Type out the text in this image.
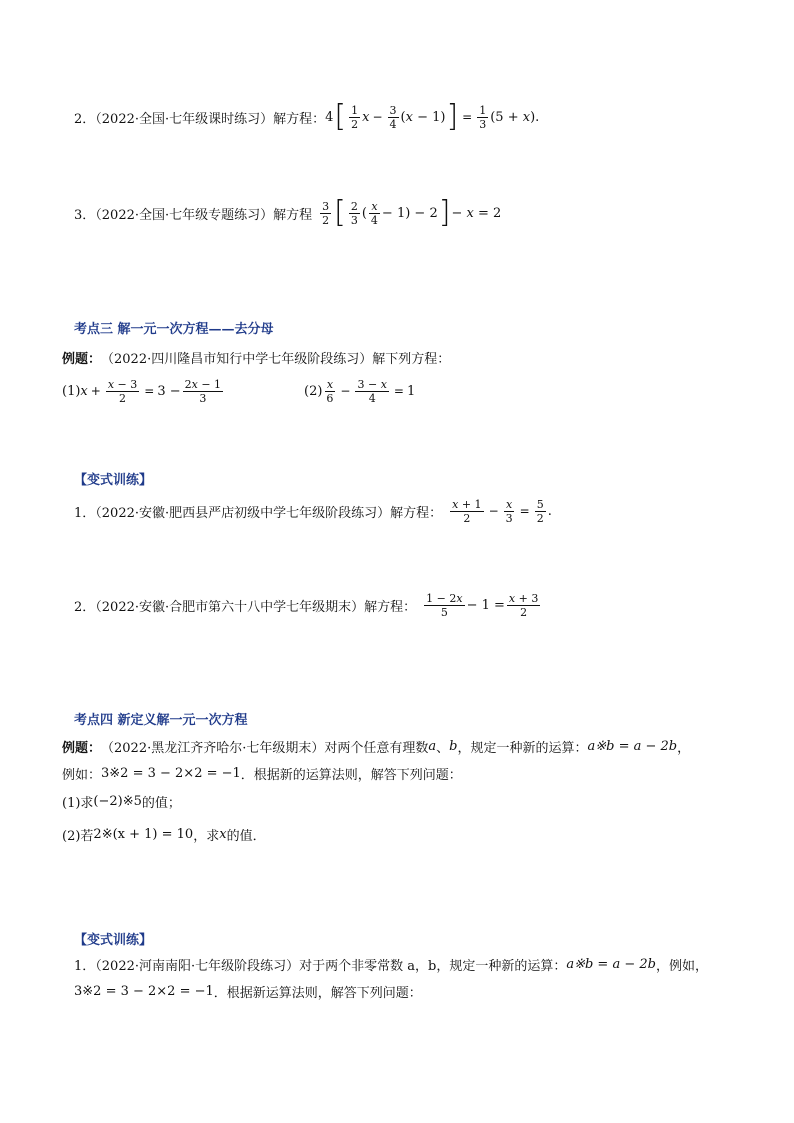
2．（2022·全国·七年级课时练习）解方程： 4 [ $\frac{1}{2}$ $x - \frac{3}{4} (x - 1)$ ] = $\frac{1}{3} (5 + x)$ .
3．（2022·全国·七年级专题练习）解方程 $\frac{3}{2}$ [ $\frac{2}{3}$ ( $\frac{x}{4} - 1) - 2$ ] − x = 2
考点三 解一元一次方程——去分母
例题： （2022·四川隆昌市知行中学七年级阶段练习）解下列方程：
(1) $x + \frac{x - 3}{2} = 3 - \frac{2x - 1}{3}$	$(2) \frac{x}{6} - \frac{3 - x}{4} = 1$
【变式训练】
1．（2022·安徽·肥西县严店初级中学七年级阶段练习）解方程： $\frac{x + 1}{2} - \frac{x}{3} = \frac{5}{2}$ .
2．（2022·安徽·合肥市第六十八中学七年级期末）解方程： $\frac{1 - 2x}{5} - 1 = \frac{x + 3}{2}$
考点四 新定义解一元一次方程
例题： （2022·黑龙江齐齐哈尔·七年级期末）对两个任意有理数 a 、 b ，规定一种新的运算： a※b = a − 2b ，
例如： 3※2 = 3 − 2×2 = −1 ．根据新的运算法则，解答下列问题：
(1)求 (−2)※5 的值；
(2)若 2※(x + 1) = 10 ，求 x 的值．
【变式训练】
1．（2022·河南南阳·七年级阶段练习）对于两个非零常数 a，b，规定一种新的运算： a※b = a − 2b ，例如，
3※2 = 3 − 2×2 = −1 ．根据新运算法则，解答下列问题：
